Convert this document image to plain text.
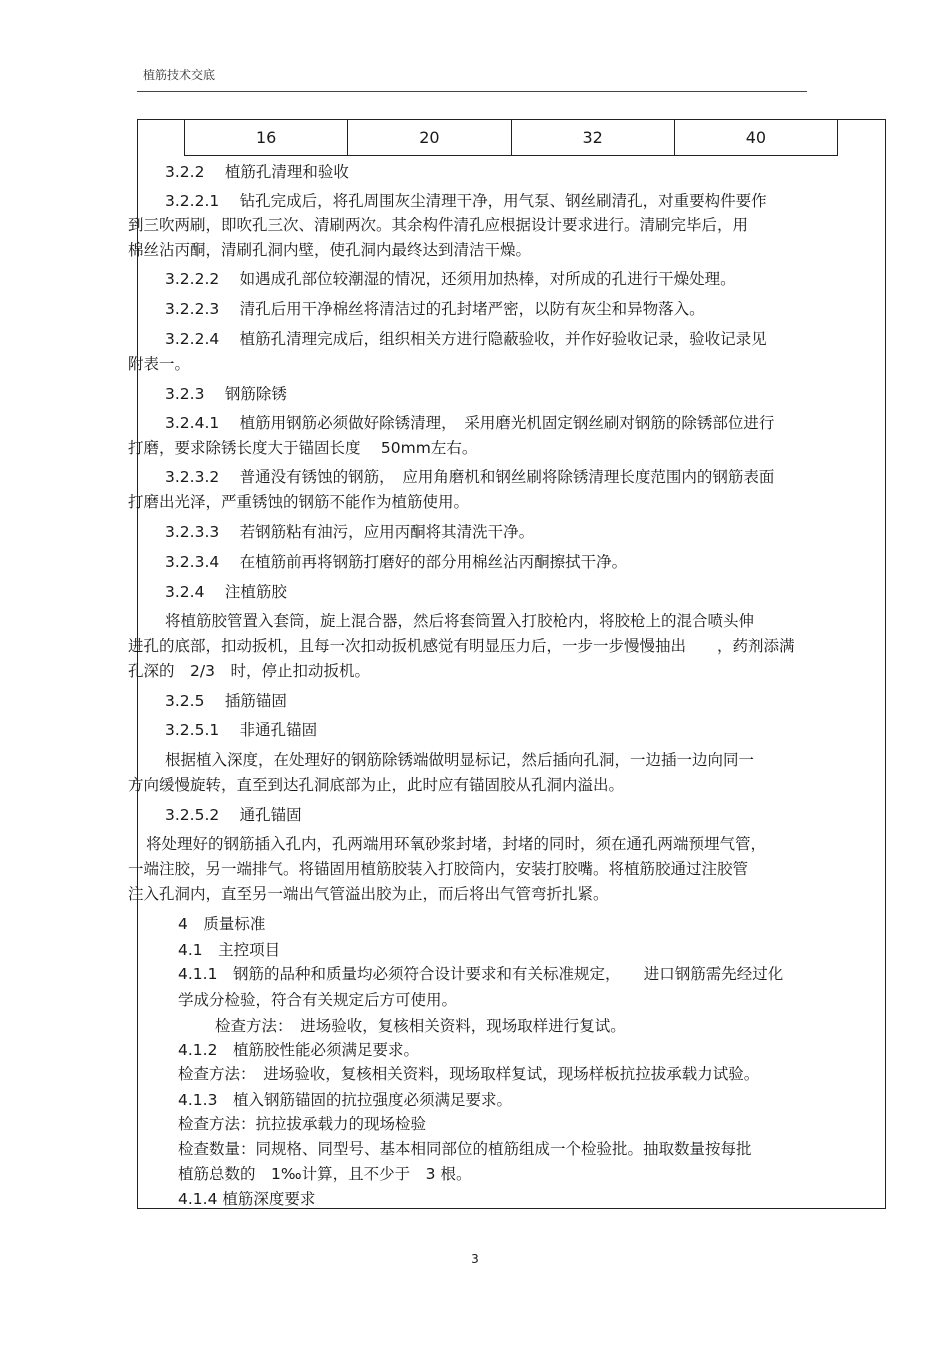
植筋技术交底
16	20	32	40
3.2.2　 植筋孔清理和验收
3.2.2.1　 钻孔完成后，将孔周围灰尘清理干净，用气泵、钢丝刷清孔，对重要构件要作
到三吹两刷，即吹孔三次、清刷两次。其余构件清孔应根据设计要求进行。清刷完毕后，用
棉丝沾丙酮，清刷孔洞内壁，使孔洞内最终达到清洁干燥。
3.2.2.2　 如遇成孔部位较潮湿的情况，还须用加热棒，对所成的孔进行干燥处理。
3.2.2.3　 清孔后用干净棉丝将清洁过的孔封堵严密，以防有灰尘和异物落入。
3.2.2.4　 植筋孔清理完成后，组织相关方进行隐蔽验收，并作好验收记录，验收记录见
附表一。
3.2.3　 钢筋除锈
3.2.4.1　 植筋用钢筋必须做好除锈清理，　采用磨光机固定钢丝刷对钢筋的除锈部位进行
打磨，要求除锈长度大于锚固长度　 50mm左右。
3.2.3.2　 普通没有锈蚀的钢筋，　应用角磨机和钢丝刷将除锈清理长度范围内的钢筋表面
打磨出光泽，严重锈蚀的钢筋不能作为植筋使用。
3.2.3.3　 若钢筋粘有油污，应用丙酮将其清洗干净。
3.2.3.4　 在植筋前再将钢筋打磨好的部分用棉丝沾丙酮擦拭干净。
3.2.4　 注植筋胶
将植筋胶管置入套筒，旋上混合器，然后将套筒置入打胶枪内，将胶枪上的混合喷头伸
进孔的底部，扣动扳机，且每一次扣动扳机感觉有明显压力后，一步一步慢慢抽出　　，药剂添满
孔深的　2/3　时，停止扣动扳机。
3.2.5　 插筋锚固
3.2.5.1　 非通孔锚固
根据植入深度，在处理好的钢筋除锈端做明显标记，然后插向孔洞，一边插一边向同一
方向缓慢旋转，直至到达孔洞底部为止，此时应有锚固胶从孔洞内溢出。
3.2.5.2　 通孔锚固
将处理好的钢筋插入孔内，孔两端用环氧砂浆封堵，封堵的同时，须在通孔两端预埋气管，
一端注胶，另一端排气。将锚固用植筋胶装入打胶筒内，安装打胶嘴。将植筋胶通过注胶管
注入孔洞内，直至另一端出气管溢出胶为止，而后将出气管弯折扎紧。
4　质量标准
4.1　主控项目
4.1.1　钢筋的品种和质量均必须符合设计要求和有关标准规定，　　进口钢筋需先经过化
学成分检验，符合有关规定后方可使用。
检查方法：　进场验收，复核相关资料，现场取样进行复试。
4.1.2　植筋胶性能必须满足要求。
检查方法：　进场验收，复核相关资料，现场取样复试，现场样板抗拉拔承载力试验。
4.1.3　植入钢筋锚固的抗拉强度必须满足要求。
检查方法：抗拉拔承载力的现场检验
检查数量：同规格、同型号、基本相同部位的植筋组成一个检验批。抽取数量按每批
植筋总数的　1‰计算，且不少于　3 根。
4.1.4 植筋深度要求
3
